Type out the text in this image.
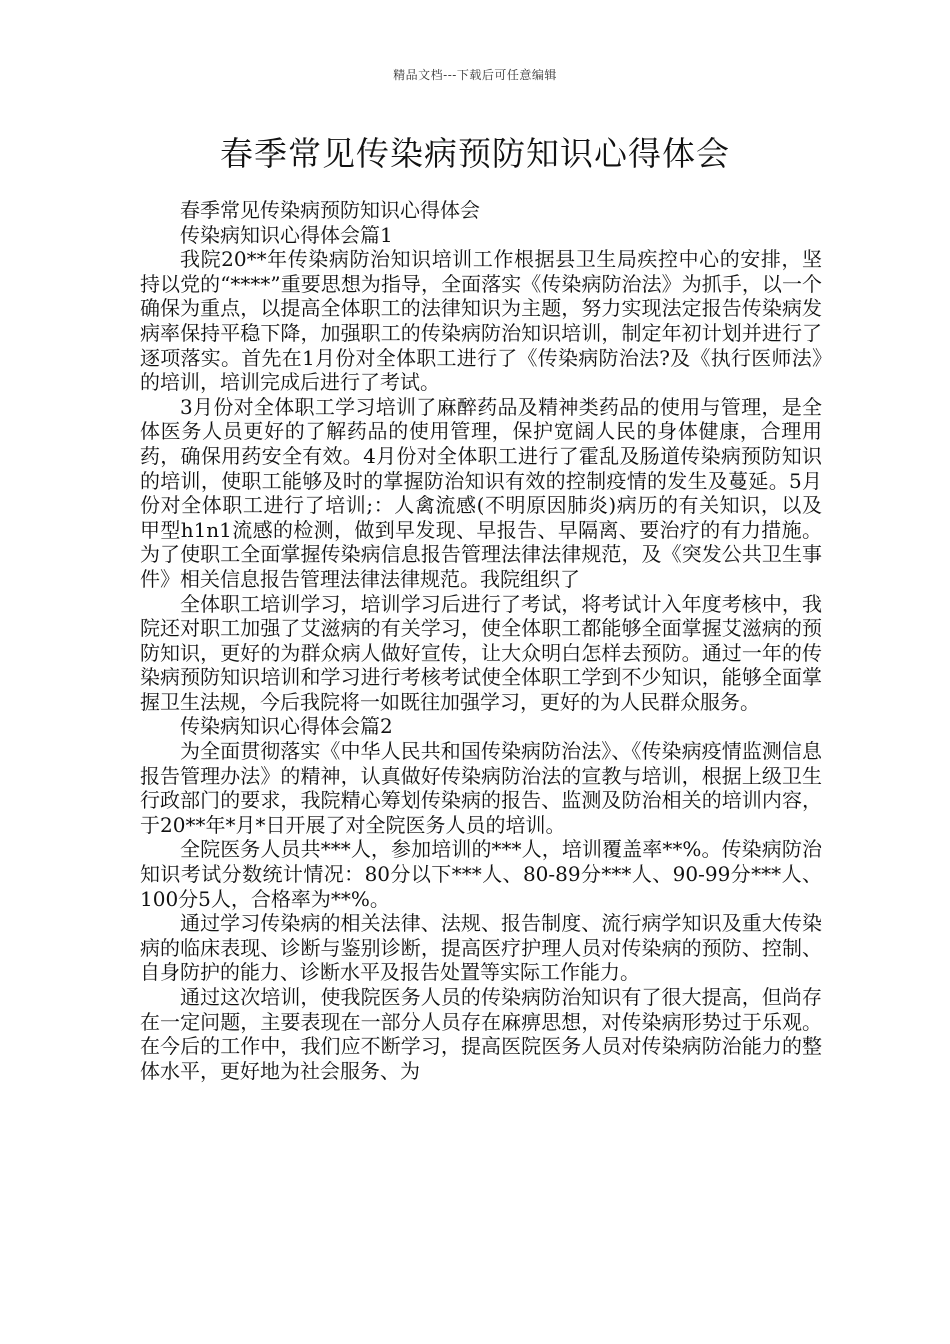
精品文档---下载后可任意编辑
春季常见传染病预防知识心得体会

春季常见传染病预防知识心得体会

传染病知识心得体会篇1

我院20**年传染病防治知识培训工作根据县卫生局疾控中心的安排，坚持以党的“****”重要思想为指导，全面落实《传染病防治法》为抓手，以一个确保为重点，以提高全体职工的法律知识为主题，努力实现法定报告传染病发病率保持平稳下降，加强职工的传染病防治知识培训，制定年初计划并进行了逐项落实。首先在1月份对全体职工进行了《传染病防治法?及《执行医师法》的培训，培训完成后进行了考试。

3月份对全体职工学习培训了麻醉药品及精神类药品的使用与管理，是全体医务人员更好的了解药品的使用管理，保护宽阔人民的身体健康，合理用药，确保用药安全有效。4月份对全体职工进行了霍乱及肠道传染病预防知识的培训，使职工能够及时的掌握防治知识有效的控制疫情的发生及蔓延。5月份对全体职工进行了培训;：人禽流感(不明原因肺炎)病历的有关知识，以及甲型h1n1流感的检测，做到早发现、早报告、早隔离、要治疗的有力措施。为了使职工全面掌握传染病信息报告管理法律法律规范，及《突发公共卫生事件》相关信息报告管理法律法律规范。我院组织了

全体职工培训学习，培训学习后进行了考试，将考试计入年度考核中，我院还对职工加强了艾滋病的有关学习，使全体职工都能够全面掌握艾滋病的预防知识，更好的为群众病人做好宣传，让大众明白怎样去预防。通过一年的传染病预防知识培训和学习进行考核考试使全体职工学到不少知识，能够全面掌握卫生法规，今后我院将一如既往加强学习，更好的为人民群众服务。

传染病知识心得体会篇2

为全面贯彻落实《中华人民共和国传染病防治法》、《传染病疫情监测信息报告管理办法》的精神，认真做好传染病防治法的宣教与培训，根据上级卫生行政部门的要求，我院精心筹划传染病的报告、监测及防治相关的培训内容，于20**年*月*日开展了对全院医务人员的培训。

全院医务人员共***人，参加培训的***人，培训覆盖率**%。传染病防治知识考试分数统计情况：80分以下***人、80-89分***人、90-99分***人、100分5人，合格率为**%。

通过学习传染病的相关法律、法规、报告制度、流行病学知识及重大传染病的临床表现、诊断与鉴别诊断，提高医疗护理人员对传染病的预防、控制、自身防护的能力、诊断水平及报告处置等实际工作能力。

通过这次培训，使我院医务人员的传染病防治知识有了很大提高，但尚存在一定问题，主要表现在一部分人员存在麻痹思想，对传染病形势过于乐观。在今后的工作中，我们应不断学习，提高医院医务人员对传染病防治能力的整体水平，更好地为社会服务、为
